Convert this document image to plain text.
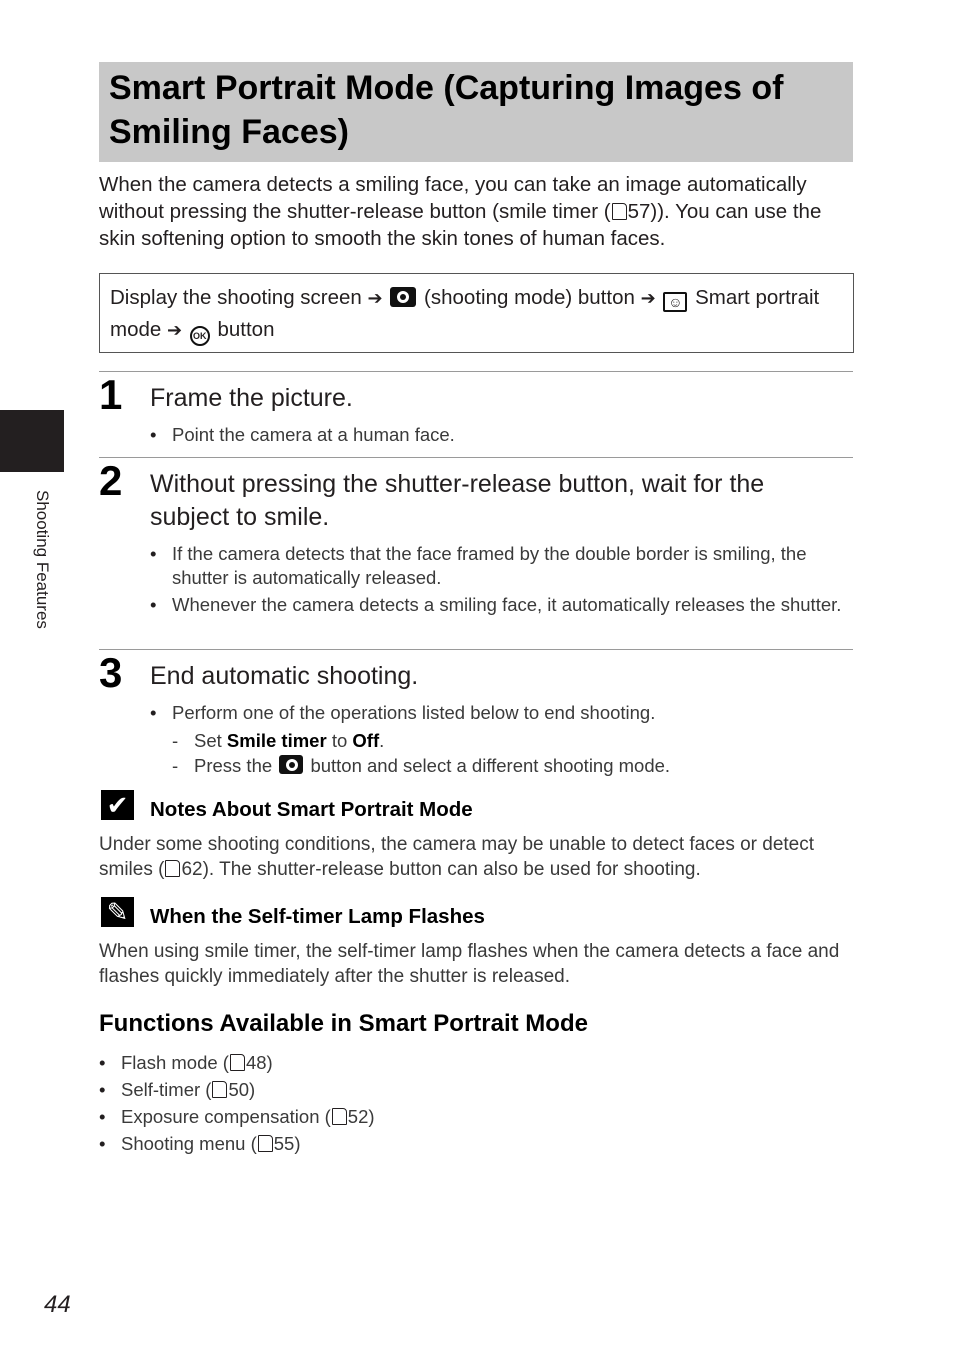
Smart Portrait Mode (Capturing Images of Smiling Faces)

When the camera detects a smiling face, you can take an image automatically without pressing the shutter-release button (smile timer ( 57)). You can use the skin softening option to smooth the skin tones of human faces.

Display the shooting screen ➔ (shooting mode) button ➔ ☺ Smart portrait mode ➔ OK button
1 Frame the picture.
• Point the camera at a human face.
2 Without pressing the shutter-release button, wait for the subject to smile.
• If the camera detects that the face framed by the double border is smiling, the shutter is automatically released.
• Whenever the camera detects a smiling face, it automatically releases the shutter.
3 End automatic shooting.
• Perform one of the operations listed below to end shooting.
- Set Smile timer to Off.
- Press the button and select a different shooting mode.
✔ Notes About Smart Portrait Mode

Under some shooting conditions, the camera may be unable to detect faces or detect smiles ( 62). The shutter-release button can also be used for shooting.

✎ When the Self-timer Lamp Flashes

When using smile timer, the self-timer lamp flashes when the camera detects a face and flashes quickly immediately after the shutter is released.

Functions Available in Smart Portrait Mode
• Flash mode ( 48)
• Self-timer ( 50)
• Exposure compensation ( 52)
• Shooting menu ( 55)
Shooting Features
44
